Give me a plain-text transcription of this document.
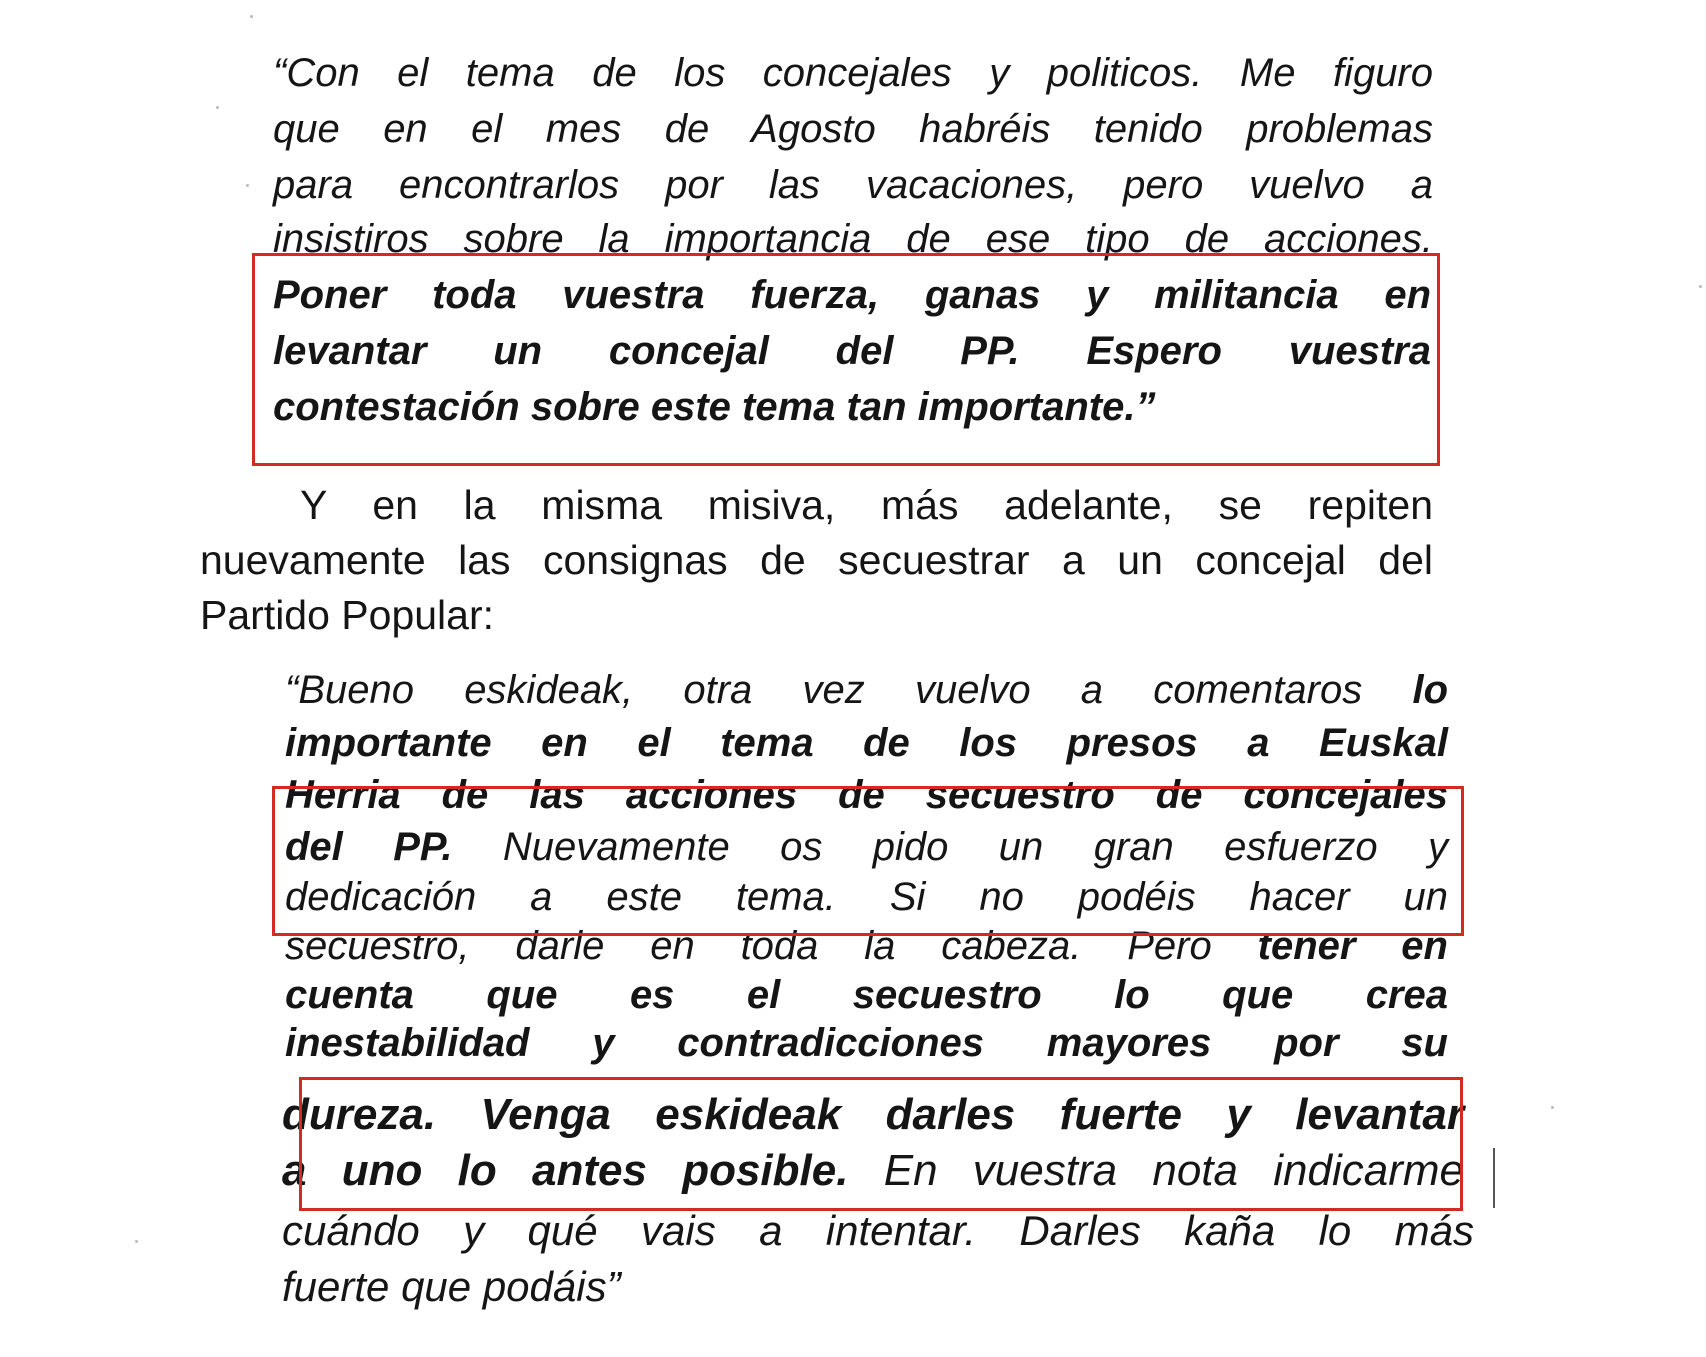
“Con el tema de los concejales y politicos. Me figuro
que en el mes de Agosto habréis tenido problemas
para encontrarlos por las vacaciones, pero vuelvo a
insistiros sobre la importancia de ese tipo de acciones.
Poner toda vuestra fuerza, ganas y militancia en
levantar un concejal del PP. Espero vuestra
contestación sobre este tema tan importante.”
Y en la misma misiva, más adelante, se repiten
nuevamente las consignas de secuestrar a un concejal del
Partido Popular:
“Bueno eskideak, otra vez vuelvo a comentaros lo
importante en el tema de los presos a Euskal
Herria de las acciones de secuestro de concejales
del PP. Nuevamente os pido un gran esfuerzo y
dedicación a este tema. Si no podéis hacer un
secuestro, darle en toda la cabeza. Pero tener en
cuenta que es el secuestro lo que crea
inestabilidad y contradicciones mayores por su
dureza. Venga eskideak darles fuerte y levantar
a uno lo antes posible. En vuestra nota indicarme
cuándo y qué vais a intentar. Darles kaña lo más
fuerte que podáis”
